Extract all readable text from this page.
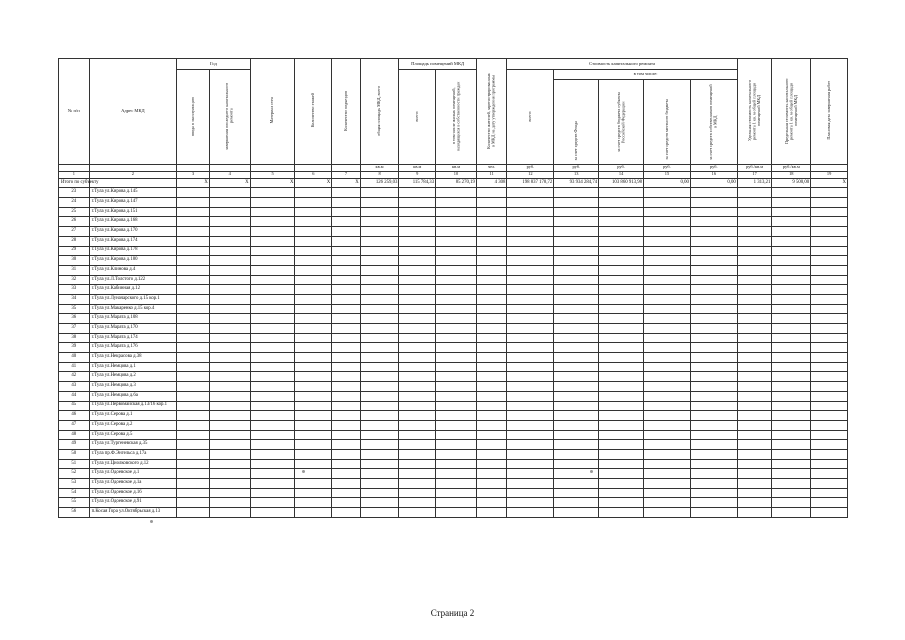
№ п/п	Адрес МКД	Год		Материал стен	Количество этажей	Количество подъездов	общая площадь МКД, всего	Площадь помещений МКД		Количество жителей, зарегистрированных в МКД на дату утверждения программы	Стоимость капитального ремонта					Удельная стоимость капитального ремонта 1 кв. м общей площади помещений МКД	Предельная стоимость капитального ремонта 1 кв. м общей площади помещений МКД	Плановая дата завершения работ
		ввода в эксплуатацию	завершения последнего капитального ремонта					всего:	в том числе жилых помещений, находящихся в собственности граждан		всего:	в том числе:						
												за счет средств Фонда	за счет средств бюджета субъекта Российской Федерации	за счет средств местного бюджета	за счет средств собственников помещений в МКД			
							кв.м	кв.м	кв.м	чел.	руб.	руб.	руб.	руб.	руб.	руб./кв.м	руб./кв.м	
1	2	3	4	5	6	7	8	9	10	11	12	13	14	15	16	17	18	19
Итого по субъекту		X	X	X	X	X	126 259,03	115 784,33	85 270,19	4 308	198 837 178,72	93 934 284,74	103 860 913,98	0,00	0,00	1 313,21	9 500,00	X
23	г.Тула ул.Кирова д.145																	
24	г.Тула ул.Кирова д.147																	
25	г.Тула ул.Кирова д.151																	
26	г.Тула ул.Кирова д.168																	
27	г.Тула ул.Кирова д.170																	
28	г.Тула ул.Кирова д.174																	
29	г.Тула ул.Кирова д.178																	
30	г.Тула ул.Кирова д.180																	
31	г.Тула ул.Клинова д.4																	
32	г.Тула ул.Л.Толстого д.122																	
33	г.Тула ул.Кабинная д.12																	
34	г.Тула ул.Луначарского д.15 кор.1																	
35	г.Тула ул.Макаренко д.15 кор.4																	
36	г.Тула ул.Марата д.108																	
37	г.Тула ул.Марата д.170																	
38	г.Тула ул.Марата д.174																	
39	г.Тула ул.Марата д.176																	
40	г.Тула ул.Некрасова д.38																	
41	г.Тула ул.Немцова д.1																	
42	г.Тула ул.Немцова д.2																	
43	г.Тула ул.Немцова д.3																	
44	г.Тула ул.Немцова д.6а																	
45	г.Тула ул.Первомайская д.13/16 кор.1																	
46	г.Тула ул.Серова д.1																	
47	г.Тула ул.Серова д.2																	
48	г.Тула ул.Серова д.5																	
49	г.Тула ул.Тургеневская д.35																	
50	г.Тула пр.Ф.Энгельса д.17а																	
51	г.Тула ул.Циолковского д.12																	
52	г.Тула ул.Одоевское д.1																	
53	г.Тула ул.Одоевское д.1а																	
54	г.Тула ул.Одоевское д.16																	
55	г.Тула ул.Одоевское д.91																	
56	п.Косая Гора ул.Октябрьская д.13																	
Страница 2
